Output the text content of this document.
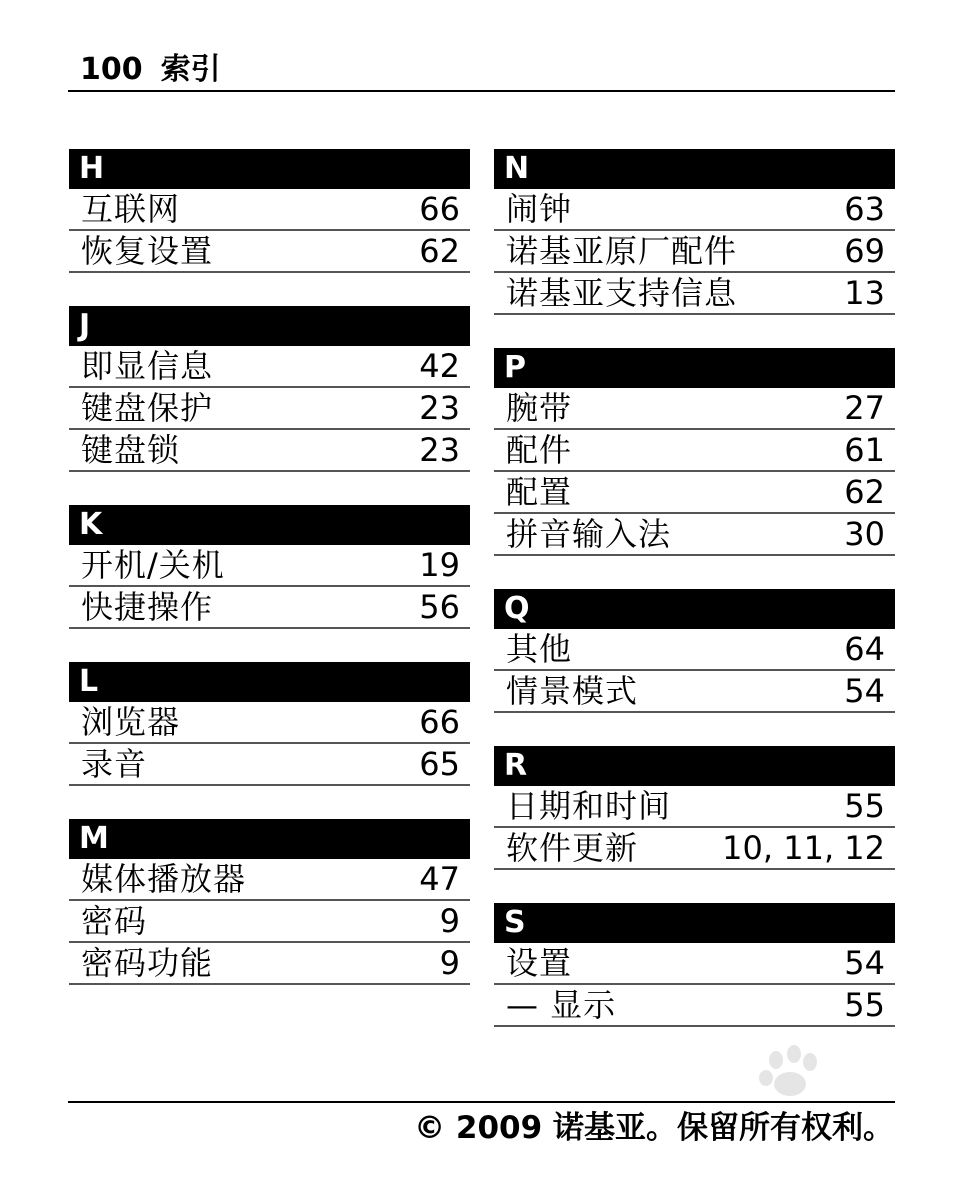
100 索引
H
互联网	66
恢复设置	62
J
即显信息	42
键盘保护	23
键盘锁	23
K
开机/关机	19
快捷操作	56
L
浏览器	66
录音	65
M
媒体播放器	47
密码	9
密码功能	9
N
闹钟	63
诺基亚原厂配件	69
诺基亚支持信息	13
P
腕带	27
配件	61
配置	62
拼音输入法	30
Q
其他	64
情景模式	54
R
日期和时间	55
软件更新	10, 11, 12
S
设置	54
— 显示	55
© 2009 诺基亚。保留所有权利。
